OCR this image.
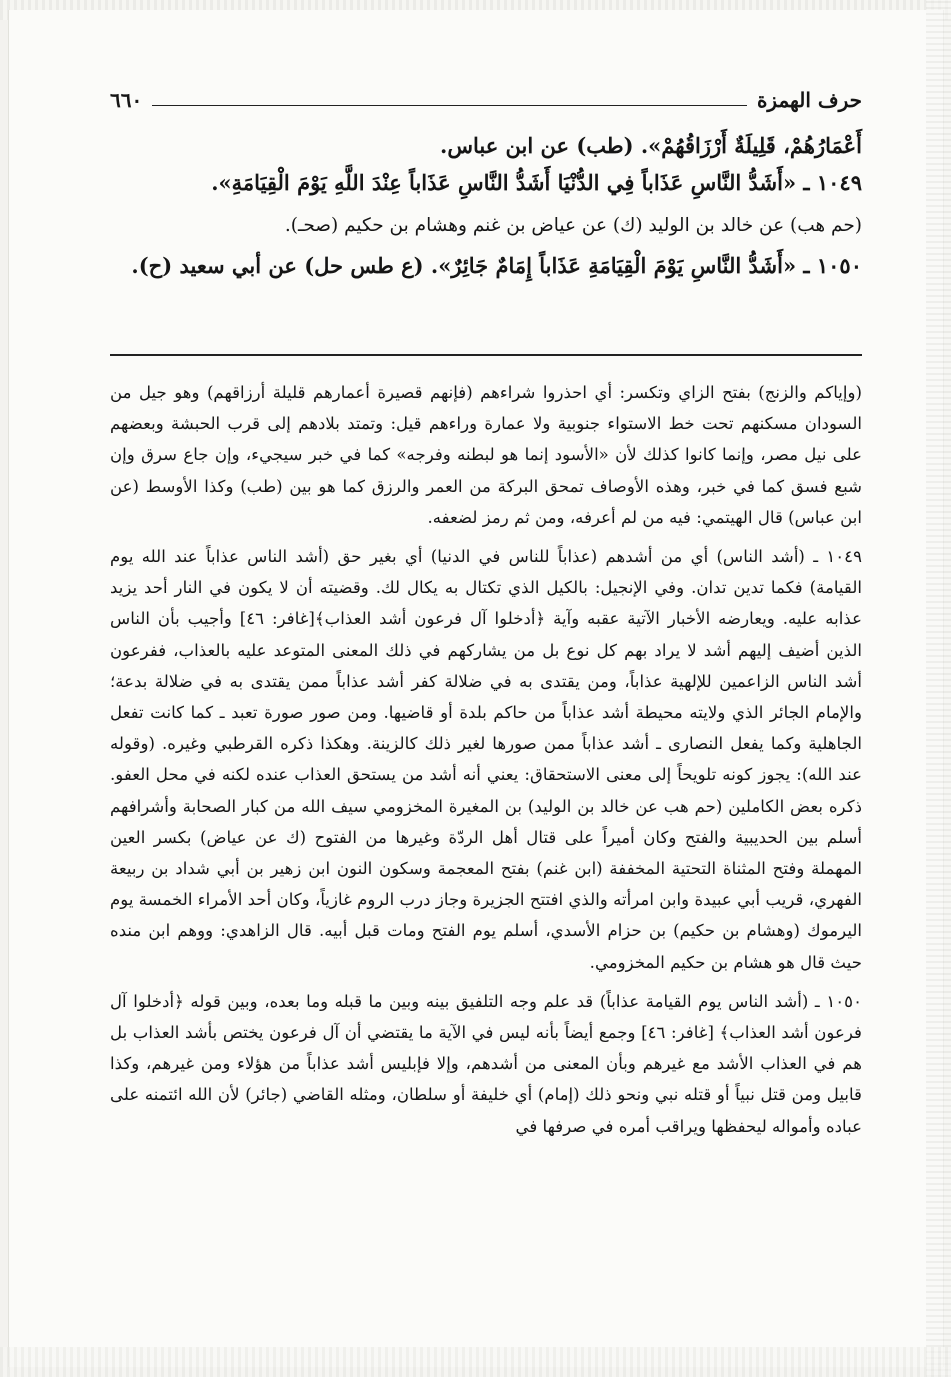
حرف الهمزة
٦٦٠

أَعْمَارُهُمْ، قَلِيلَةٌ أَرْزَاقُهُمْ». (طب) عن ابن عباس.

١٠٤٩ ـ «أَشَدُّ النَّاسِ عَذَاباً فِي الدُّنْيَا أَشَدُّ النَّاسِ عَذَاباً عِنْدَ اللَّهِ يَوْمَ الْقِيَامَةِ».

(حم هب) عن خالد بن الوليد (ك) عن عياض بن غنم وهشام بن حكيم (صحـ).

١٠٥٠ ـ «أَشَدُّ النَّاسِ يَوْمَ الْقِيَامَةِ عَذَاباً إِمَامٌ جَائِرٌ». (ع طس حل) عن أبي سعيد (ح).

(وإياكم والزنج) بفتح الزاي وتكسر: أي احذروا شراءهم (فإنهم قصيرة أعمارهم قليلة أرزاقهم) وهو جيل من السودان مسكنهم تحت خط الاستواء جنوبية ولا عمارة وراءهم قيل: وتمتد بلادهم إلى قرب الحبشة وبعضهم على نيل مصر، وإنما كانوا كذلك لأن «الأسود إنما هو لبطنه وفرجه» كما في خبر سيجيء، وإن جاع سرق وإن شبع فسق كما في خبر، وهذه الأوصاف تمحق البركة من العمر والرزق كما هو بين (طب) وكذا الأوسط (عن ابن عباس) قال الهيتمي: فيه من لم أعرفه، ومن ثم رمز لضعفه.

١٠٤٩ ـ (أشد الناس) أي من أشدهم (عذاباً للناس في الدنيا) أي بغير حق (أشد الناس عذاباً عند الله يوم القيامة) فكما تدين تدان. وفي الإنجيل: بالكيل الذي تكتال به يكال لك. وقضيته أن لا يكون في النار أحد يزيد عذابه عليه. ويعارضه الأخبار الآتية عقبه وآية ﴿أدخلوا آل فرعون أشد العذاب﴾[غافر: ٤٦] وأجيب بأن الناس الذين أضيف إليهم أشد لا يراد بهم كل نوع بل من يشاركهم في ذلك المعنى المتوعد عليه بالعذاب، ففرعون أشد الناس الزاعمين للإلهية عذاباً، ومن يقتدى به في ضلالة كفر أشد عذاباً ممن يقتدى به في ضلالة بدعة؛ والإمام الجائر الذي ولايته محيطة أشد عذاباً من حاكم بلدة أو قاضيها. ومن صور صورة تعبد ـ كما كانت تفعل الجاهلية وكما يفعل النصارى ـ أشد عذاباً ممن صورها لغير ذلك كالزينة. وهكذا ذكره القرطبي وغيره. (وقوله عند الله): يجوز كونه تلويحاً إلى معنى الاستحقاق: يعني أنه أشد من يستحق العذاب عنده لكنه في محل العفو. ذكره بعض الكاملين (حم هب عن خالد بن الوليد) بن المغيرة المخزومي سيف الله من كبار الصحابة وأشرافهم أسلم بين الحديبية والفتح وكان أميراً على قتال أهل الردّة وغيرها من الفتوح (ك عن عياض) بكسر العين المهملة وفتح المثناة التحتية المخففة (ابن غنم) بفتح المعجمة وسكون النون ابن زهير بن أبي شداد بن ربيعة الفهري، قريب أبي عبيدة وابن امرأته والذي افتتح الجزيرة وجاز درب الروم غازياً، وكان أحد الأمراء الخمسة يوم اليرموك (وهشام بن حكيم) بن حزام الأسدي، أسلم يوم الفتح ومات قبل أبيه. قال الزاهدي: ووهم ابن منده حيث قال هو هشام بن حكيم المخزومي.

١٠٥٠ ـ (أشد الناس يوم القيامة عذاباً) قد علم وجه التلفيق بينه وبين ما قبله وما بعده، وبين قوله ﴿أدخلوا آل فرعون أشد العذاب﴾ [غافر: ٤٦] وجمع أيضاً بأنه ليس في الآية ما يقتضي أن آل فرعون يختص بأشد العذاب بل هم في العذاب الأشد مع غيرهم وبأن المعنى من أشدهم، وإلا فإبليس أشد عذاباً من هؤلاء ومن غيرهم، وكذا قابيل ومن قتل نبياً أو قتله نبي ونحو ذلك (إمام) أي خليفة أو سلطان، ومثله القاضي (جائر) لأن الله ائتمنه على عباده وأمواله ليحفظها ويراقب أمره في صرفها في
